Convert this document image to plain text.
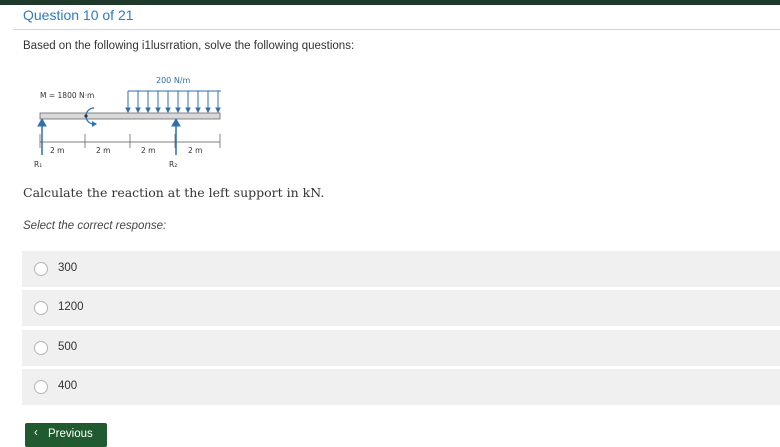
Question 10 of 21
Based on the following i1lusrration, solve the following questions:
200 N/m
M = 1800 N·m
2 m	2 m	2 m	2 m
R₁	R₂
Calculate the reaction at the left support in kN.
Select the correct response:
300
1200
500
400
‹ Previous
